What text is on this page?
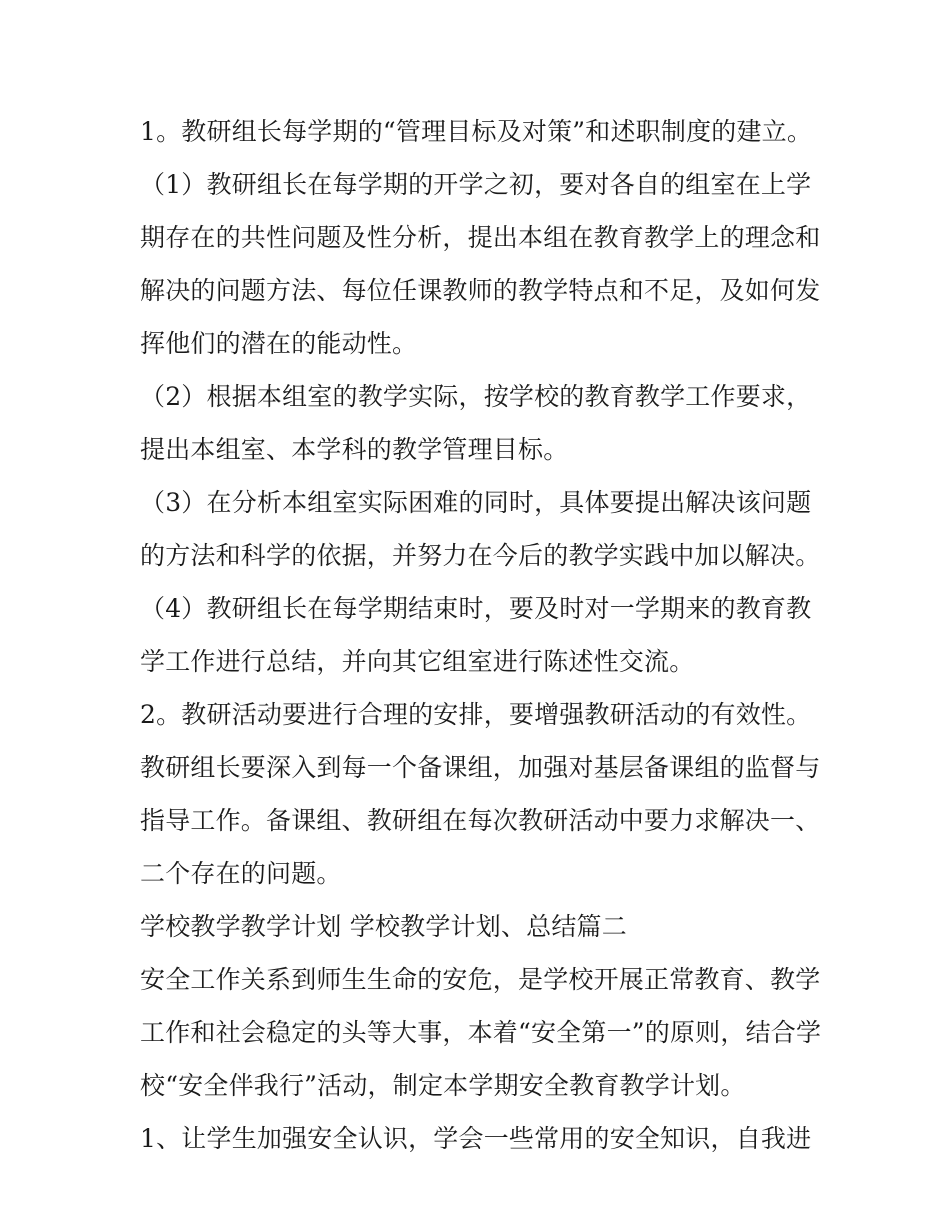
1。教研组长每学期的“管理目标及对策”和述职制度的建立。
（1）教研组长在每学期的开学之初，要对各自的组室在上学
期存在的共性问题及性分析，提出本组在教育教学上的理念和
解决的问题方法、每位任课教师的教学特点和不足，及如何发
挥他们的潜在的能动性。
（2）根据本组室的教学实际，按学校的教育教学工作要求，
提出本组室、本学科的教学管理目标。
（3）在分析本组室实际困难的同时，具体要提出解决该问题
的方法和科学的依据，并努力在今后的教学实践中加以解决。
（4）教研组长在每学期结束时，要及时对一学期来的教育教
学工作进行总结，并向其它组室进行陈述性交流。
2。教研活动要进行合理的安排，要增强教研活动的有效性。
教研组长要深入到每一个备课组，加强对基层备课组的监督与
指导工作。备课组、教研组在每次教研活动中要力求解决一、
二个存在的问题。
学校教学教学计划 学校教学计划、总结篇二
安全工作关系到师生生命的安危，是学校开展正常教育、教学
工作和社会稳定的头等大事，本着“安全第一”的原则，结合学
校“安全伴我行”活动，制定本学期安全教育教学计划。
1、让学生加强安全认识，学会一些常用的安全知识，自我进
